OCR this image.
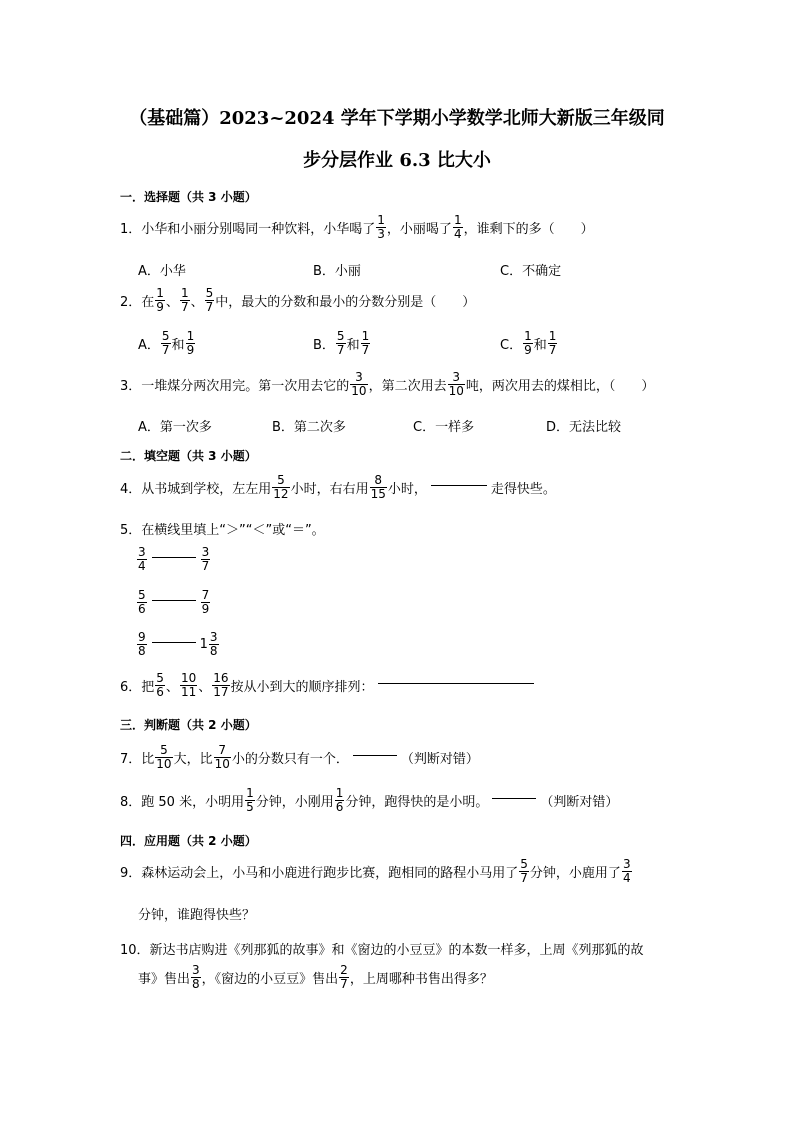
（基础篇）2023~2024 学年下学期小学数学北师大新版三年级同
步分层作业 6.3 比大小
一．选择题（共 3 小题）
1．小华和小丽分别喝同一种饮料，小华喝了 $\frac{1}{3}$ ，小丽喝了 $\frac{1}{4}$ ，谁剩下的多（　　）
A．小华	B．小丽	C．不确定
2．在 $\frac{1}{9}$ 、 $\frac{1}{7}$ 、 $\frac{5}{7}$ 中，最大的分数和最小的分数分别是（　　）
A． $\frac{5}{7}$ 和 $\frac{1}{9}$	B． $\frac{5}{7}$ 和 $\frac{1}{7}$	C． $\frac{1}{9}$ 和 $\frac{1}{7}$
3．一堆煤分两次用完。第一次用去它的 $\frac{3}{10}$ ，第二次用去 $\frac{3}{10}$ 吨，两次用去的煤相比，（　　）
A．第一次多	B．第二次多	C．一样多	D．无法比较
二．填空题（共 3 小题）
4．从书城到学校，左左用 $\frac{5}{12}$ 小时，右右用 $\frac{8}{15}$ 小时，	走得快些。
5．在横线里填上“＞”“＜”或“＝”。
$\frac{3}{4}$	$\frac{3}{7}$
$\frac{5}{6}$	$\frac{7}{9}$
$\frac{9}{8}$	$1 \frac{3}{8}$
6．把 $\frac{5}{6}$ 、 $\frac{10}{11}$ 、 $\frac{16}{17}$ 按从小到大的顺序排列：
三．判断题（共 2 小题）
7．比 $\frac{5}{10}$ 大，比 $\frac{7}{10}$ 小的分数只有一个．	（判断对错）
8．跑 50 米，小明用 $\frac{1}{5}$ 分钟，小刚用 $\frac{1}{6}$ 分钟，跑得快的是小明。	（判断对错）
四．应用题（共 2 小题）
9．森林运动会上，小马和小鹿进行跑步比赛，跑相同的路程小马用了 $\frac{5}{7}$ 分钟，小鹿用了 $\frac{3}{4}$
分钟，谁跑得快些？
10．新达书店购进《列那狐的故事》和《窗边的小豆豆》的本数一样多，上周《列那狐的故
事》售出 $\frac{3}{8}$ ，《窗边的小豆豆》售出 $\frac{2}{7}$ ，上周哪种书售出得多？
